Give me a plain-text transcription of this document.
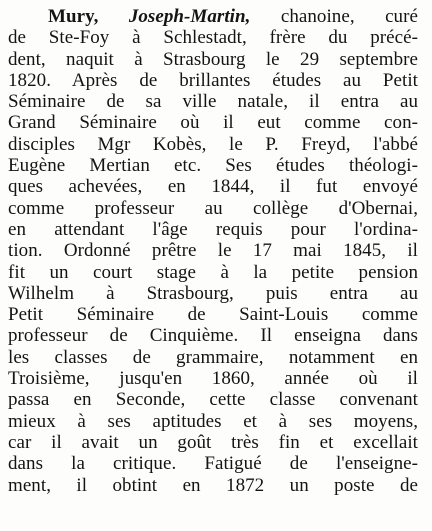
Mury, Joseph-Martin, chanoine, curé
de Ste-Foy à Schlestadt, frère du précé-
dent, naquit à Strasbourg le 29 septembre
1820. Après de brillantes études au Petit
Séminaire de sa ville natale, il entra au
Grand Séminaire où il eut comme con-
disciples Mgr Kobès, le P. Freyd, l'abbé
Eugène Mertian etc. Ses études théologi-
ques achevées, en 1844, il fut envoyé
comme professeur au collège d'Obernai,
en attendant l'âge requis pour l'ordina-
tion. Ordonné prêtre le 17 mai 1845, il
fit un court stage à la petite pension
Wilhelm à Strasbourg, puis entra au
Petit Séminaire de Saint-Louis comme
professeur de Cinquième. Il enseigna dans
les classes de grammaire, notamment en
Troisième, jusqu'en 1860, année où il
passa en Seconde, cette classe convenant
mieux à ses aptitudes et à ses moyens,
car il avait un goût très fin et excellait
dans la critique. Fatigué de l'enseigne-
ment, il obtint en 1872 un poste de
